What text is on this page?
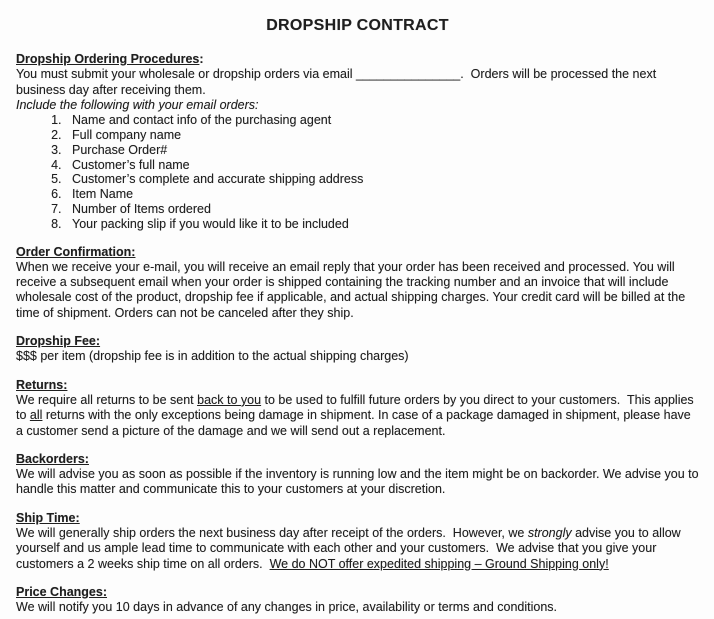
DROPSHIP CONTRACT
Dropship Ordering Procedures:

You must submit your wholesale or dropship orders via email _______________.  Orders will be processed the next business day after receiving them.

Include the following with your email orders:

1. Name and contact info of the purchasing agent
2. Full company name
3. Purchase Order#
4. Customer’s full name
5. Customer’s complete and accurate shipping address
6. Item Name
7. Number of Items ordered
8. Your packing slip if you would like it to be included
Order Confirmation:

When we receive your e-mail, you will receive an email reply that your order has been received and processed. You will receive a subsequent email when your order is shipped containing the tracking number and an invoice that will include wholesale cost of the product, dropship fee if applicable, and actual shipping charges. Your credit card will be billed at the time of shipment. Orders can not be canceled after they ship.

Dropship Fee:

$$$ per item (dropship fee is in addition to the actual shipping charges)

Returns:

We require all returns to be sent back to you to be used to fulfill future orders by you direct to your customers.  This applies to all returns with the only exceptions being damage in shipment. In case of a package damaged in shipment, please have a customer send a picture of the damage and we will send out a replacement.

Backorders:

We will advise you as soon as possible if the inventory is running low and the item might be on backorder. We advise you to handle this matter and communicate this to your customers at your discretion.

Ship Time:

We will generally ship orders the next business day after receipt of the orders.  However, we strongly advise you to allow yourself and us ample lead time to communicate with each other and your customers.  We advise that you give your customers a 2 weeks ship time on all orders.  We do NOT offer expedited shipping – Ground Shipping only!

Price Changes:

We will notify you 10 days in advance of any changes in price, availability or terms and conditions.
